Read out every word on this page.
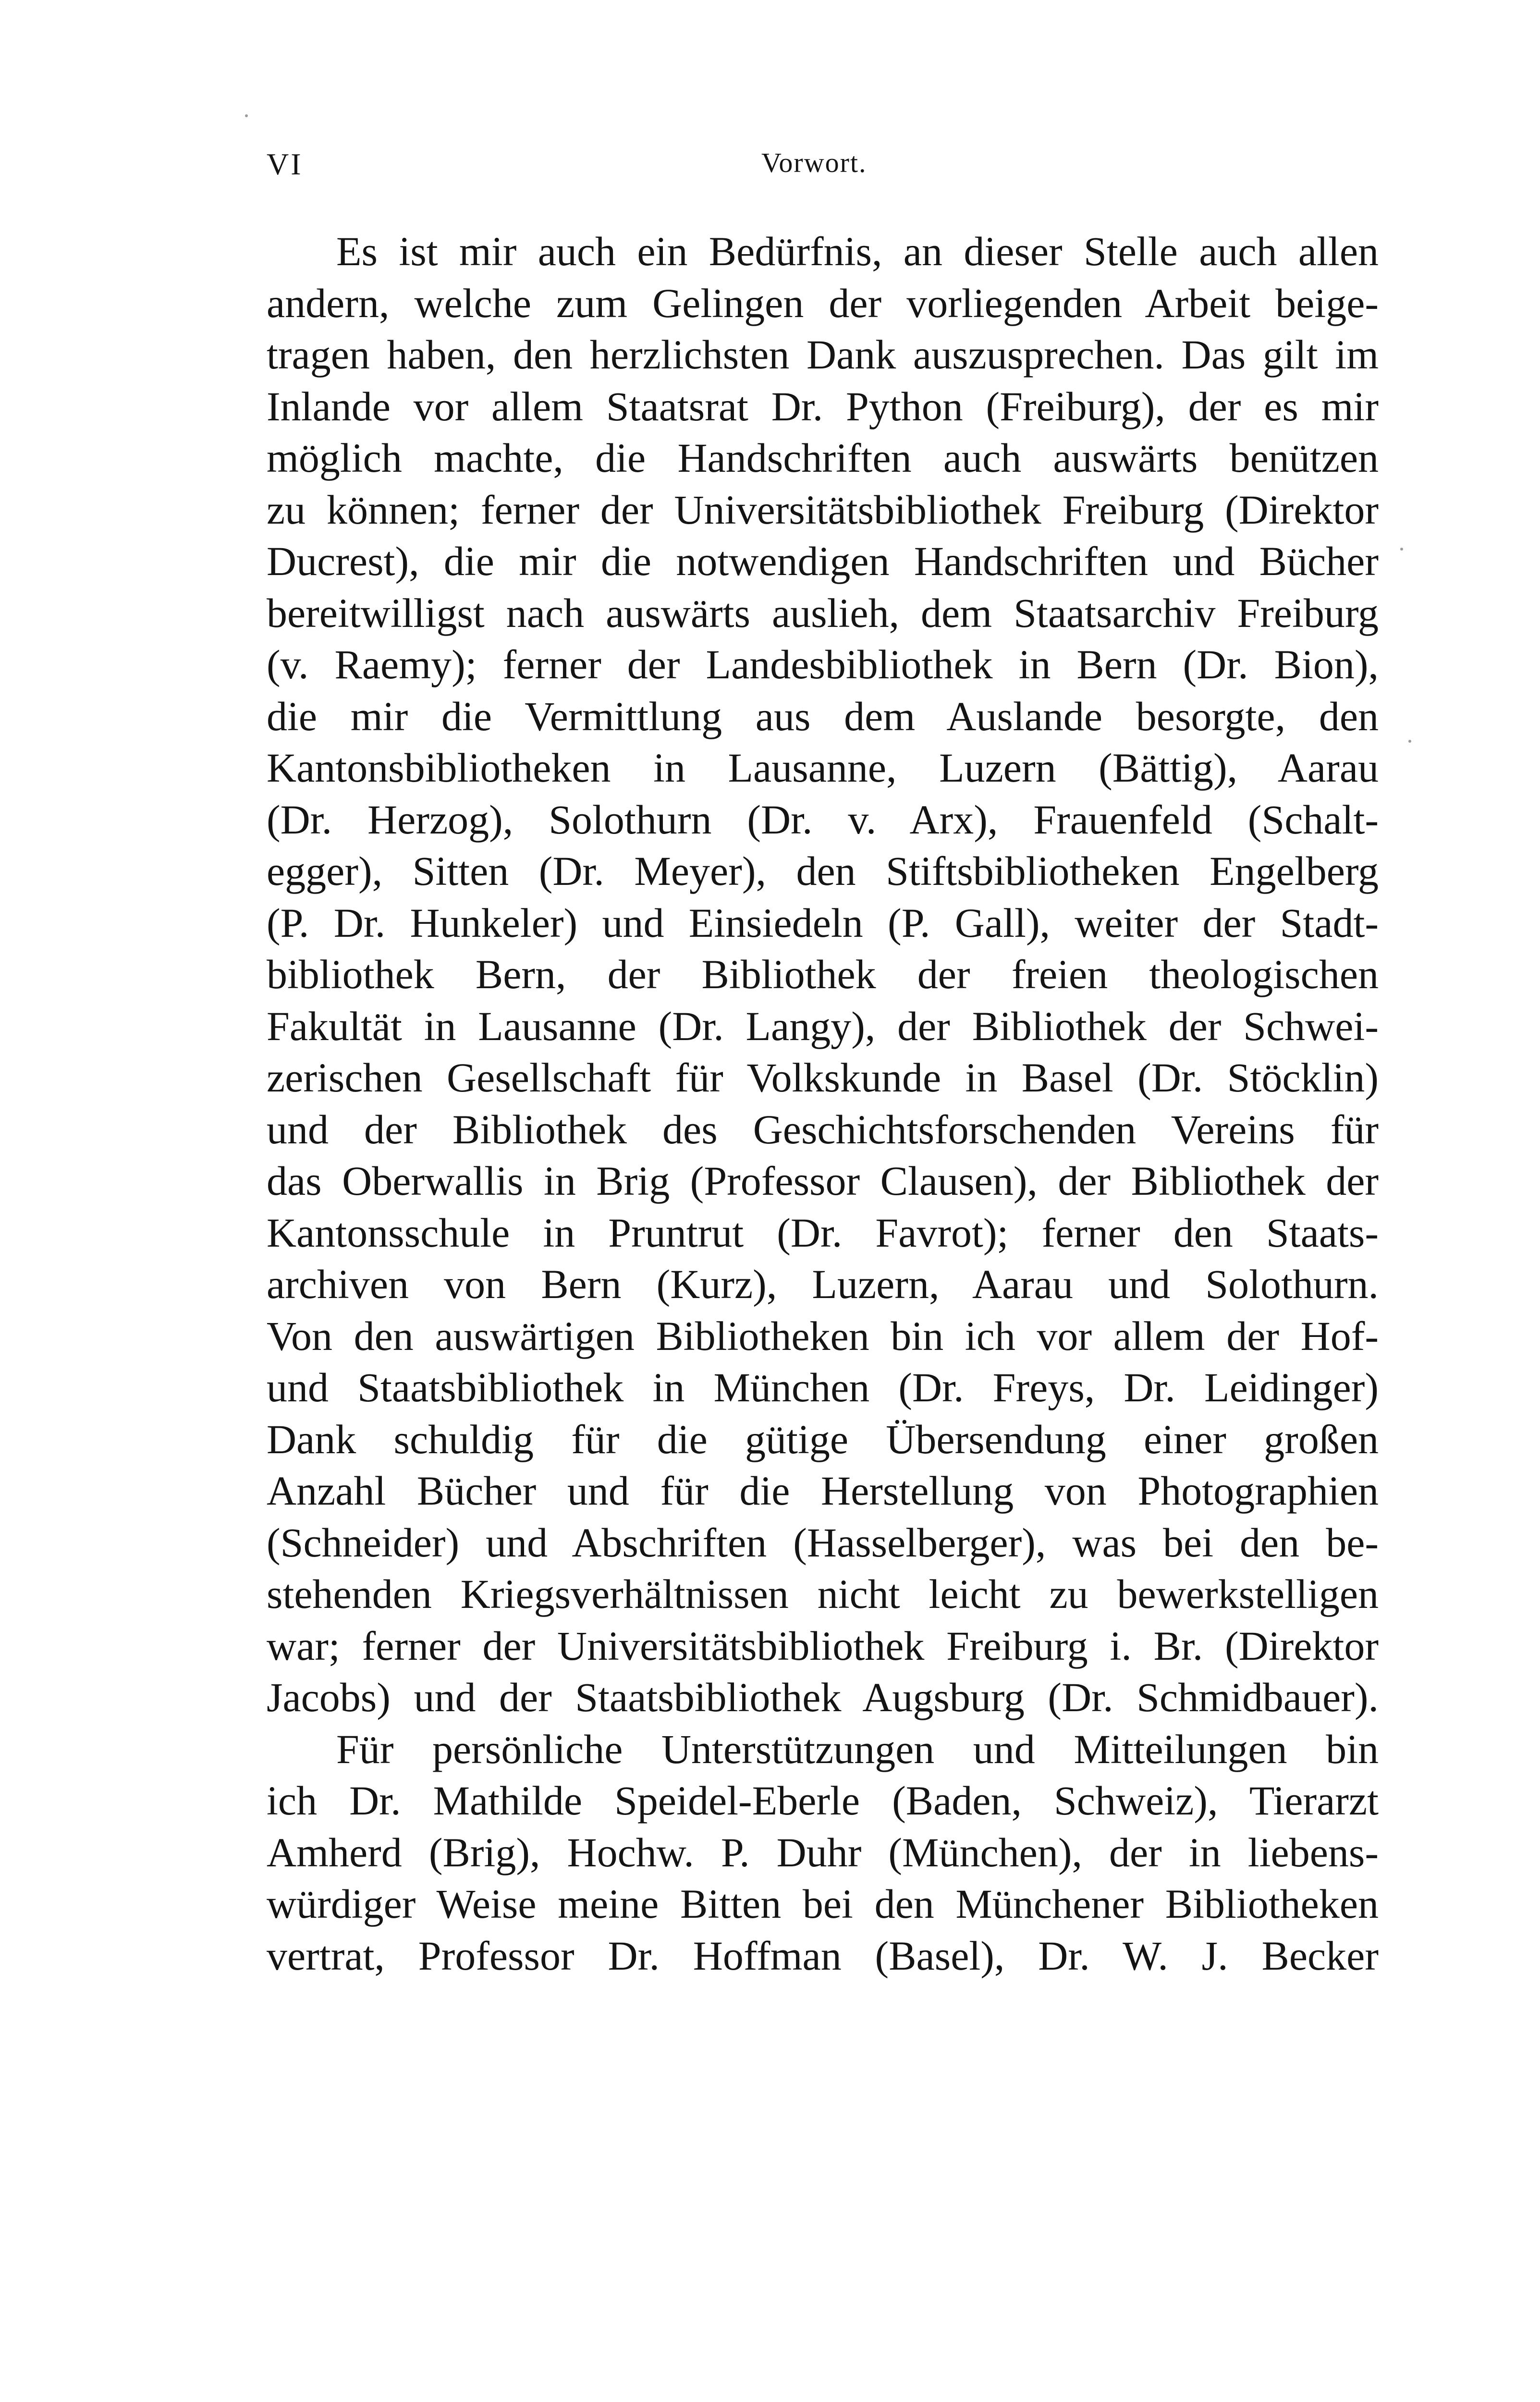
VI	Vorwort.
Es ist mir auch ein Bedürfnis, an dieser Stelle auch allen
andern, welche zum Gelingen der vorliegenden Arbeit beige-
tragen haben, den herzlichsten Dank auszusprechen. Das gilt im
Inlande vor allem Staatsrat Dr. Python (Freiburg), der es mir
möglich machte, die Handschriften auch auswärts benützen
zu können; ferner der Universitätsbibliothek Freiburg (Direktor
Ducrest), die mir die notwendigen Handschriften und Bücher
bereitwilligst nach auswärts auslieh, dem Staatsarchiv Freiburg
(v. Raemy); ferner der Landesbibliothek in Bern (Dr. Bion),
die mir die Vermittlung aus dem Auslande besorgte, den
Kantonsbibliotheken in Lausanne, Luzern (Bättig), Aarau
(Dr. Herzog), Solothurn (Dr. v. Arx), Frauenfeld (Schalt-
egger), Sitten (Dr. Meyer), den Stiftsbibliotheken Engelberg
(P. Dr. Hunkeler) und Einsiedeln (P. Gall), weiter der Stadt-
bibliothek Bern, der Bibliothek der freien theologischen
Fakultät in Lausanne (Dr. Langy), der Bibliothek der Schwei-
zerischen Gesellschaft für Volkskunde in Basel (Dr. Stöcklin)
und der Bibliothek des Geschichtsforschenden Vereins für
das Oberwallis in Brig (Professor Clausen), der Bibliothek der
Kantonsschule in Pruntrut (Dr. Favrot); ferner den Staats-
archiven von Bern (Kurz), Luzern, Aarau und Solothurn.
Von den auswärtigen Bibliotheken bin ich vor allem der Hof-
und Staatsbibliothek in München (Dr. Freys, Dr. Leidinger)
Dank schuldig für die gütige Übersendung einer großen
Anzahl Bücher und für die Herstellung von Photographien
(Schneider) und Abschriften (Hasselberger), was bei den be-
stehenden Kriegsverhältnissen nicht leicht zu bewerkstelligen
war; ferner der Universitätsbibliothek Freiburg i. Br. (Direktor
Jacobs) und der Staatsbibliothek Augsburg (Dr. Schmidbauer).
Für persönliche Unterstützungen und Mitteilungen bin
ich Dr. Mathilde Speidel-Eberle (Baden, Schweiz), Tierarzt
Amherd (Brig), Hochw. P. Duhr (München), der in liebens-
würdiger Weise meine Bitten bei den Münchener Bibliotheken
vertrat, Professor Dr. Hoffman (Basel), Dr. W. J. Becker
